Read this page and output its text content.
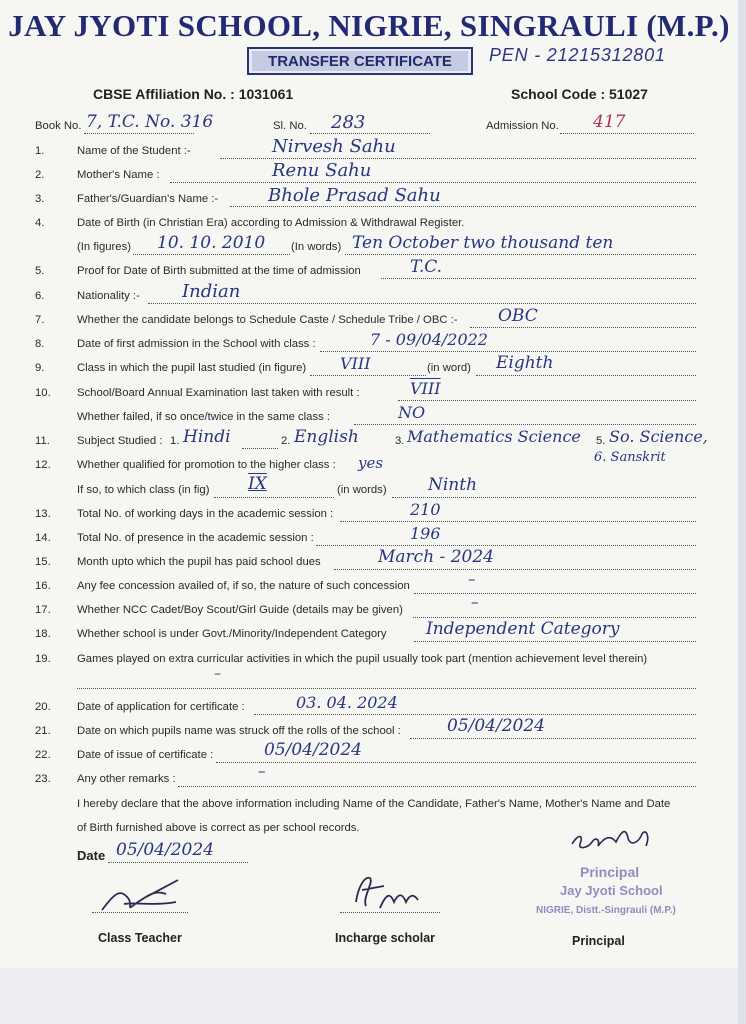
JAY JYOTI SCHOOL, NIGRIE, SINGRAULI (M.P.)
TRANSFER CERTIFICATE	PEN - 21215312801
CBSE Affiliation No. : 1031061	School Code : 51027
Book No. 7, T.C. No. 316	Sl. No. 283	Admission No. 417
1.	Name of the Student :-	Nirvesh Sahu
2.	Mother's Name :	Renu Sahu
3.	Father's/Guardian's Name :-	Bhole Prasad Sahu
4.	Date of Birth (in Christian Era) according to Admission & Withdrawal Register.
(In figures) 10. 10. 2010 (In words) Ten October two thousand ten
5.	Proof for Date of Birth submitted at the time of admission	T.C.
6.	Nationality :- Indian
7.	Whether the candidate belongs to Schedule Caste / Schedule Tribe / OBC :- OBC
8.	Date of first admission in the School with class :	7 - 09/04/2022
9.	Class in which the pupil last studied (in figure) VIII	(in word) Eighth
10. School/Board Annual Examination last taken with result :	VIII
Whether failed, if so once/twice in the same class :	NO
11. Subject Studied : 1. Hindi	2. English	3. Mathematics Science 5. So. Science,
6. Sanskrit
12. Whether qualified for promotion to the higher class : yes
If so, to which class (in fig) IX	(in words) Ninth
13. Total No. of working days in the academic session :	210
14. Total No. of presence in the academic session :	196
15. Month upto which the pupil has paid school dues	March - 2024
16. Any fee concession availed of, if so, the nature of such concession	–
17. Whether NCC Cadet/Boy Scout/Girl Guide (details may be given)	–
18. Whether school is under Govt./Minority/Independent Category Independent Category
19. Games played on extra curricular activities in which the pupil usually took part (mention achievement level therein)
–
20. Date of application for certificate :	03. 04. 2024
21. Date on which pupils name was struck off the rolls of the school :	05/04/2024
22. Date of issue of certificate :	05/04/2024
23. Any other remarks :	–
I hereby declare that the above information including Name of the Candidate, Father's Name, Mother's Name and Date
of Birth furnished above is correct as per school records.
Date 05/04/2024
Class Teacher	Incharge scholar
Principal
Jay Jyoti School
NIGRIE, Distt.-Singrauli (M.P.)
Principal
